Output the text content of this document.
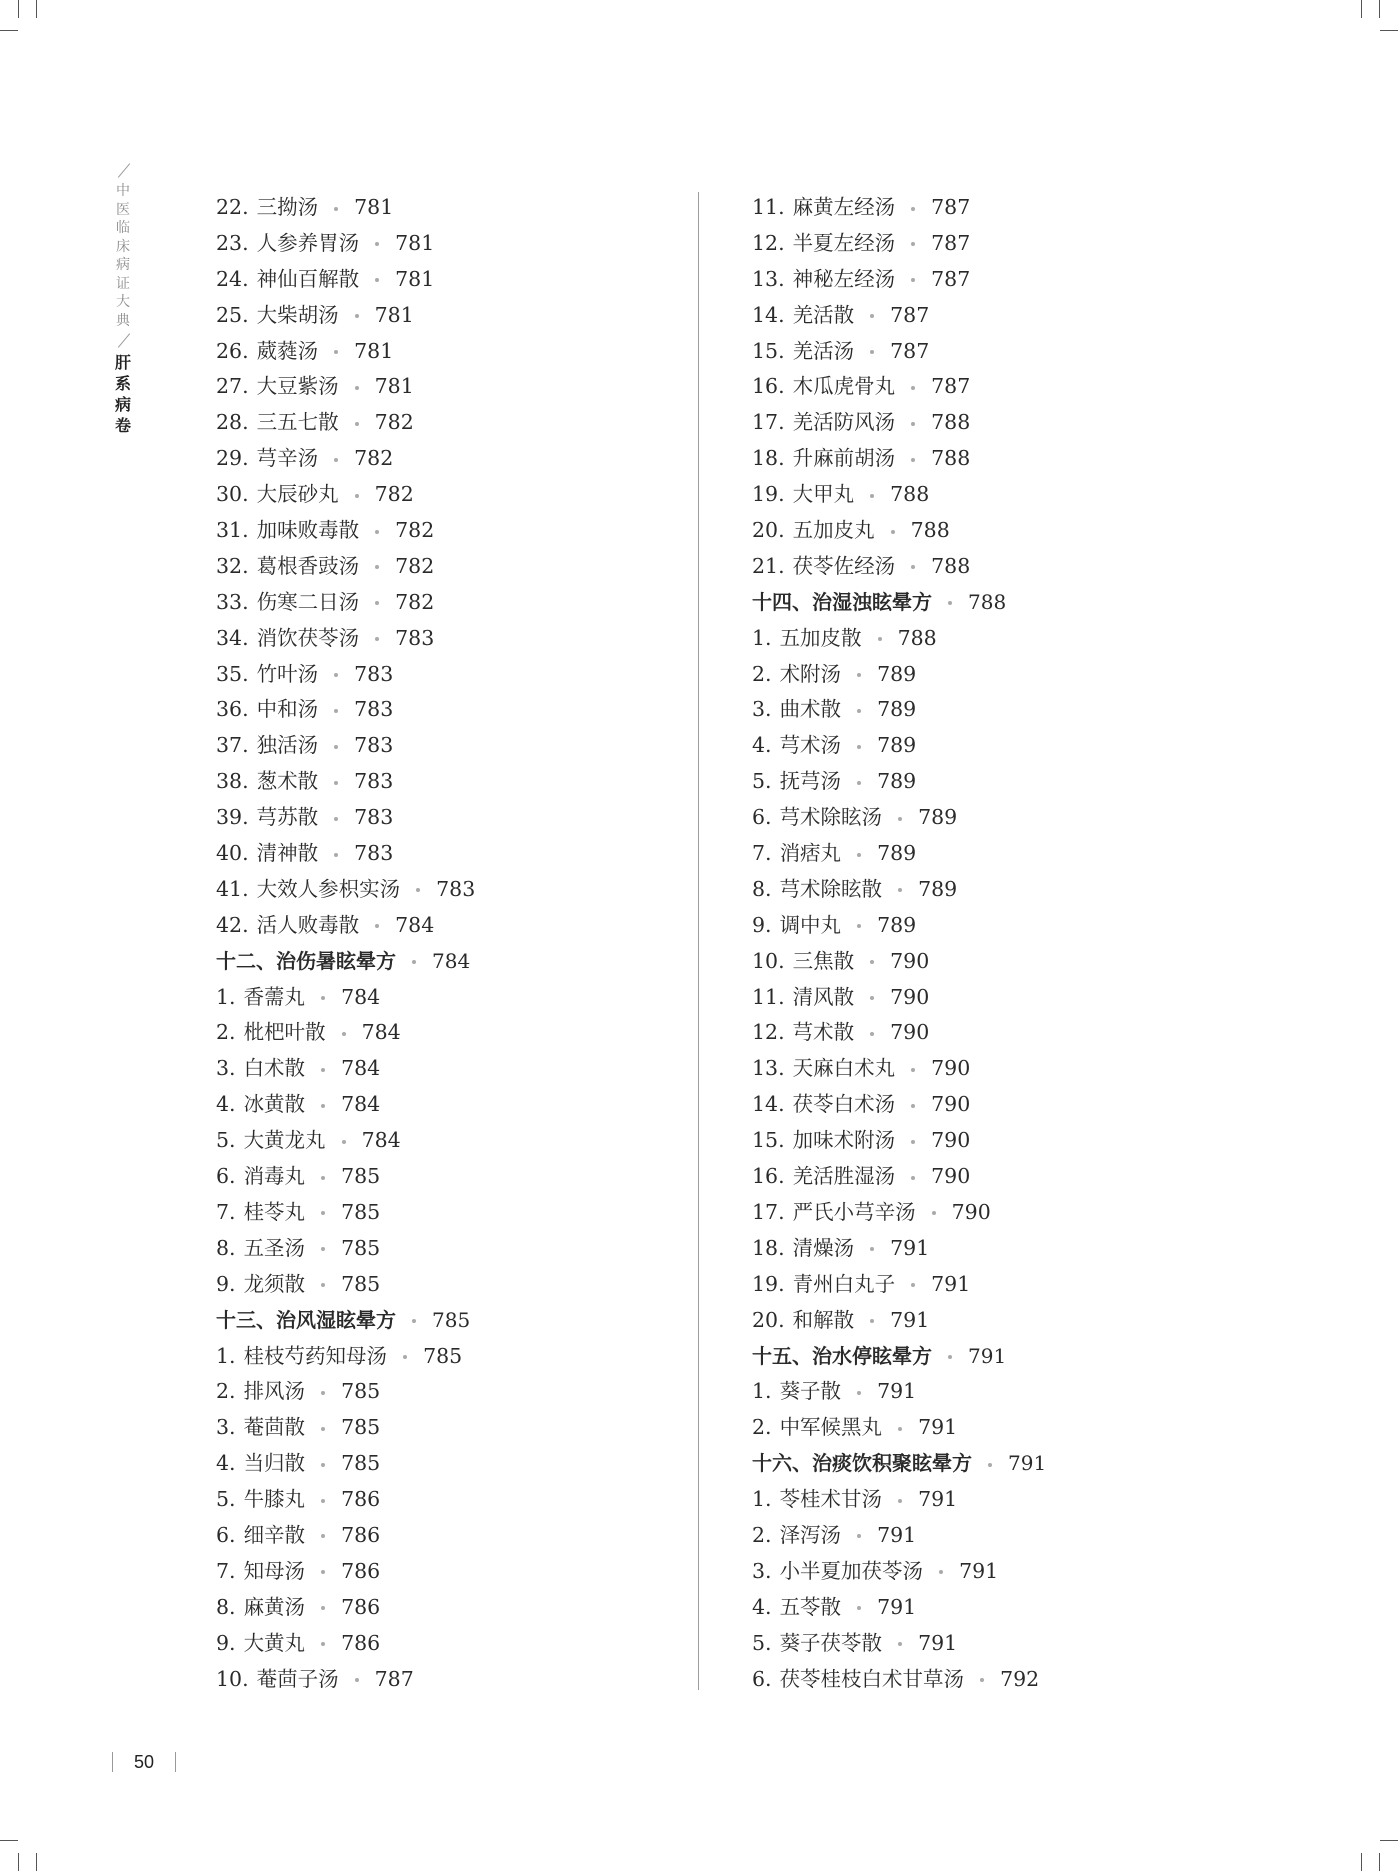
中
医
临
床
病
证
大
典
肝
系
病
卷
22. 三拗汤 781
23. 人参养胃汤 781
24. 神仙百解散 781
25. 大柴胡汤 781
26. 葳蕤汤 781
27. 大豆紫汤 781
28. 三五七散 782
29. 芎辛汤 782
30. 大辰砂丸 782
31. 加味败毒散 782
32. 葛根香豉汤 782
33. 伤寒二日汤 782
34. 消饮茯苓汤 783
35. 竹叶汤 783
36. 中和汤 783
37. 独活汤 783
38. 葱术散 783
39. 芎苏散 783
40. 清神散 783
41. 大效人参枳实汤 783
42. 活人败毒散 784
十二、治伤暑眩晕方 784
1. 香薷丸 784
2. 枇杷叶散 784
3. 白术散 784
4. 冰黄散 784
5. 大黄龙丸 784
6. 消毒丸 785
7. 桂苓丸 785
8. 五圣汤 785
9. 龙须散 785
十三、治风湿眩晕方 785
1. 桂枝芍药知母汤 785
2. 排风汤 785
3. 菴茴散 785
4. 当归散 785
5. 牛膝丸 786
6. 细辛散 786
7. 知母汤 786
8. 麻黄汤 786
9. 大黄丸 786
10. 菴茴子汤 787
11. 麻黄左经汤 787
12. 半夏左经汤 787
13. 神秘左经汤 787
14. 羌活散 787
15. 羌活汤 787
16. 木瓜虎骨丸 787
17. 羌活防风汤 788
18. 升麻前胡汤 788
19. 大甲丸 788
20. 五加皮丸 788
21. 茯苓佐经汤 788
十四、治湿浊眩晕方 788
1. 五加皮散 788
2. 术附汤 789
3. 曲术散 789
4. 芎术汤 789
5. 抚芎汤 789
6. 芎术除眩汤 789
7. 消痞丸 789
8. 芎术除眩散 789
9. 调中丸 789
10. 三焦散 790
11. 清风散 790
12. 芎术散 790
13. 天麻白术丸 790
14. 茯苓白术汤 790
15. 加味术附汤 790
16. 羌活胜湿汤 790
17. 严氏小芎辛汤 790
18. 清燥汤 791
19. 青州白丸子 791
20. 和解散 791
十五、治水停眩晕方 791
1. 葵子散 791
2. 中军候黑丸 791
十六、治痰饮积聚眩晕方 791
1. 苓桂术甘汤 791
2. 泽泻汤 791
3. 小半夏加茯苓汤 791
4. 五苓散 791
5. 葵子茯苓散 791
6. 茯苓桂枝白术甘草汤 792
50
